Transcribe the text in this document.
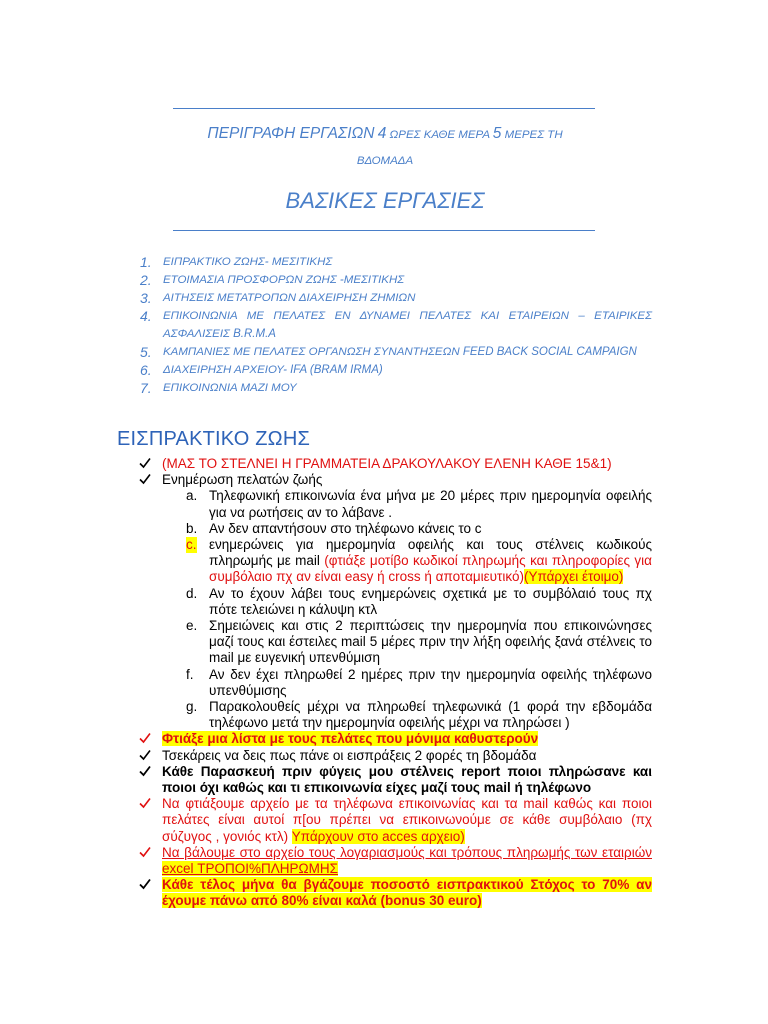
ΠΕΡΙΓΡΑΦΗ ΕΡΓΑΣΙΩΝ 4 ΩΡΕΣ ΚΑΘΕ ΜΕΡΑ 5 ΜΕΡΕΣ ΤΗ
ΒΔΟΜΑΔΑ
ΒΑΣΙΚΕΣ ΕΡΓΑΣΙΕΣ
1. ΕΙΠΡΑΚΤΙΚΟ ΖΩΗΣ- ΜΕΣΙΤΙΚΗΣ
2. ΕΤΟΙΜΑΣΙΑ ΠΡΟΣΦΟΡΩΝ ΖΩΗΣ -ΜΕΣΙΤΙΚΗΣ
3. ΑΙΤΗΣΕΙΣ ΜΕΤΑΤΡΟΠΩΝ ΔΙΑΧΕΙΡΗΣΗ ΖΗΜΙΩΝ
4. ΕΠΙΚΟΙΝΩΝΙΑ ΜΕ ΠΕΛΑΤΕΣ ΕΝ ΔΥΝΑΜΕΙ ΠΕΛΑΤΕΣ ΚΑΙ ΕΤΑΙΡΕΙΩΝ – ΕΤΑΙΡΙΚΕΣ ΑΣΦΑΛΙΣΕΙΣ B.R.M.A
5. ΚΑΜΠΑΝΙΕΣ ΜΕ ΠΕΛΑΤΕΣ ΟΡΓΑΝΩΣΗ ΣΥΝΑΝΤΗΣΕΩΝ FEED BACK SOCIAL CAMPAIGN
6. ΔΙΑΧΕΙΡΗΣΗ ΑΡΧΕΙΟΥ- IFA (BRAM IRMA)
7. ΕΠΙΚΟΙΝΩΝΙΑ ΜΑΖΙ ΜΟΥ
ΕΙΣΠΡΑΚΤΙΚΟ ΖΩΗΣ
(ΜΑΣ ΤΟ ΣΤΕΛΝΕΙ Η ΓΡΑΜΜΑΤΕΙΑ ΔΡΑΚΟΥΛΑΚΟΥ ΕΛΕΝΗ ΚΑΘΕ 15&1)
Ενημέρωση πελατών ζωής
a. Τηλεφωνική επικοινωνία ένα μήνα με 20 μέρες πριν ημερομηνία οφειλής για να ρωτήσεις αν το λάβανε .
b. Αν δεν απαντήσουν στο τηλέφωνο κάνεις το c
c. ενημερώνεις για ημερομηνία οφειλής και τους στέλνεις κωδικούς πληρωμής με mail (φτιάξε μοτίβο κωδικοί πληρωμής και πληροφορίες για συμβόλαιο πχ αν είναι easy ή cross ή αποταμιευτικό)(Υπάρχει έτοιμο)
d. Αν το έχουν λάβει τους ενημερώνεις σχετικά με το συμβόλαιό τους πχ πότε τελειώνει η κάλυψη κτλ
e. Σημειώνεις και στις 2 περιπτώσεις την ημερομηνία που επικοινώνησες μαζί τους και έστειλες mail 5 μέρες πριν την λήξη οφειλής ξανά στέλνεις το mail με ευγενική υπενθύμιση
f. Αν δεν έχει πληρωθεί 2 ημέρες πριν την ημερομηνία οφειλής τηλέφωνο υπενθύμισης
g. Παρακολουθείς μέχρι να πληρωθεί τηλεφωνικά (1 φορά την εβδομάδα τηλέφωνο μετά την ημερομηνία οφειλής μέχρι να πληρώσει )
Φτιάξε μια λίστα με τους πελάτες που μόνιμα καθυστερούν
Τσεκάρεις να δεις πως πάνε οι εισπράξεις 2 φορές τη βδομάδα
Κάθε Παρασκευή πριν φύγεις μου στέλνεις report ποιοι πληρώσανε και ποιοι όχι καθώς και τι επικοινωνία είχες μαζί τους mail ή τηλέφωνο
Να φτιάξουμε αρχείο με τα τηλέφωνα επικοινωνίας και τα mail καθώς και ποιοι πελάτες είναι αυτοί π[ου πρέπει να επικοινωνούμε σε κάθε συμβόλαιο (πχ σύζυγος , γονιός κτλ) Υπάρχουν στο acces αρχειο)
Να βάλουμε στο αρχείο τους λογαριασμούς και τρόπους πληρωμής των εταιριών excel ΤΡΟΠΟΙ%ΠΛΗΡΩΜΗΣ
Κάθε τέλος μήνα θα βγάζουμε ποσοστό εισπρακτικού Στόχος το 70% αν έχουμε πάνω από 80% είναι καλά (bonus 30 euro)
